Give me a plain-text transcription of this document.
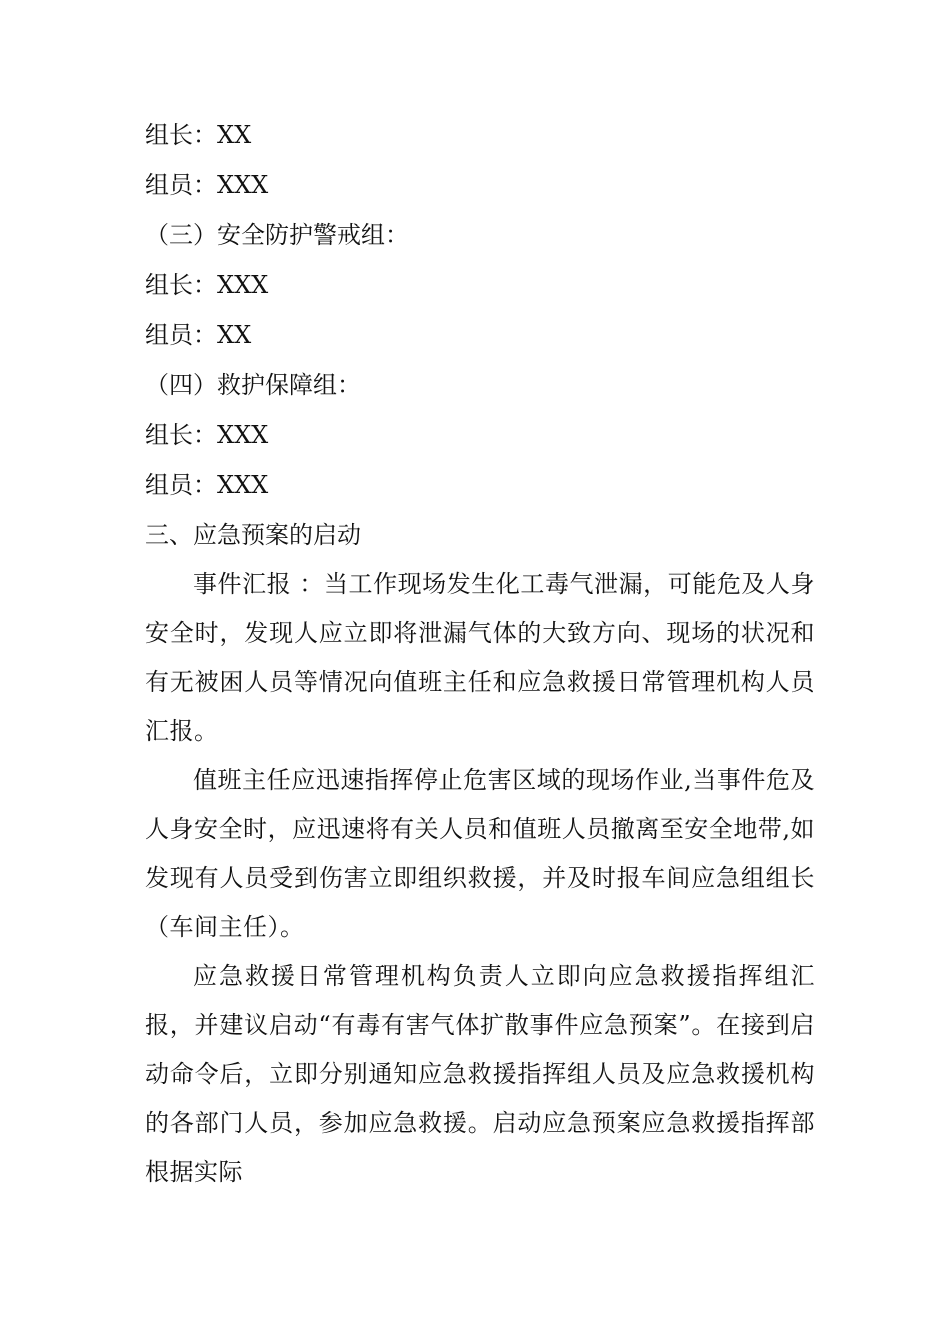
组长：XX
组员：XXX
（三）安全防护警戒组：
组长：XXX
组员：XX
（四）救护保障组：
组长：XXX
组员：XXX
三、应急预案的启动

事件汇报 ：当工作现场发生化工毒气泄漏，可能危及人身安全时，发现人应立即将泄漏气体的大致方向、现场的状况和有无被困人员等情况向值班主任和应急救援日常管理机构人员汇报。

值班主任应迅速指挥停止危害区域的现场作业,当事件危及人身安全时，应迅速将有关人员和值班人员撤离至安全地带,如发现有人员受到伤害立即组织救援，并及时报车间应急组组长（车间主任）。

应急救援日常管理机构负责人立即向应急救援指挥组汇报，并建议启动“有毒有害气体扩散事件应急预案”。在接到启动命令后，立即分别通知应急救援指挥组人员及应急救援机构的各部门人员，参加应急救援。启动应急预案应急救援指挥部根据实际
